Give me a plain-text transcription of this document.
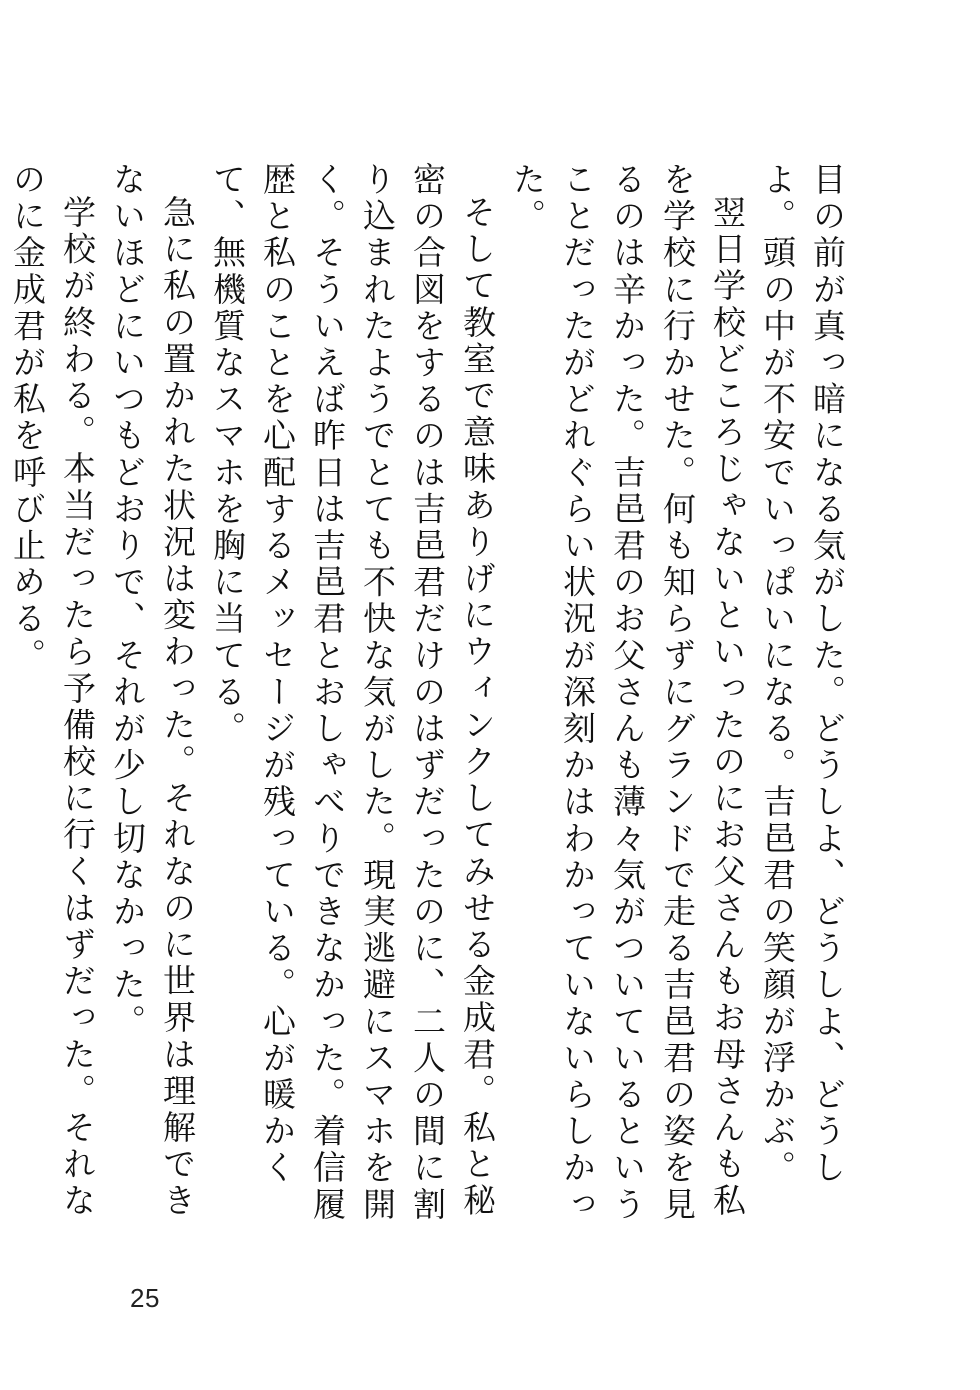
目の前が真っ暗になる気がした。どうしよ、どうしよ、どうしよ。頭の中が不安でいっぱいになる。吉邑君の笑顔が浮かぶ。

翌日学校どころじゃないといったのにお父さんもお母さんも私を学校に行かせた。何も知らずにグランドで走る吉邑君の姿を見るのは辛かった。吉邑君のお父さんも薄々気がついているということだったがどれぐらい状況が深刻かはわかっていないらしかった。

そして教室で意味ありげにウィンクしてみせる金成君。私と秘密の合図をするのは吉邑君だけのはずだったのに、二人の間に割り込まれたようでとても不快な気がした。現実逃避にスマホを開く。そういえば昨日は吉邑君とおしゃべりできなかった。着信履歴と私のことを心配するメッセージが残っている。心が暖かくて、無機質なスマホを胸に当てる。

急に私の置かれた状況は変わった。それなのに世界は理解できないほどにいつもどおりで、それが少し切なかった。

学校が終わる。本当だったら予備校に行くはずだった。それなのに金成君が私を呼び止める。

25
